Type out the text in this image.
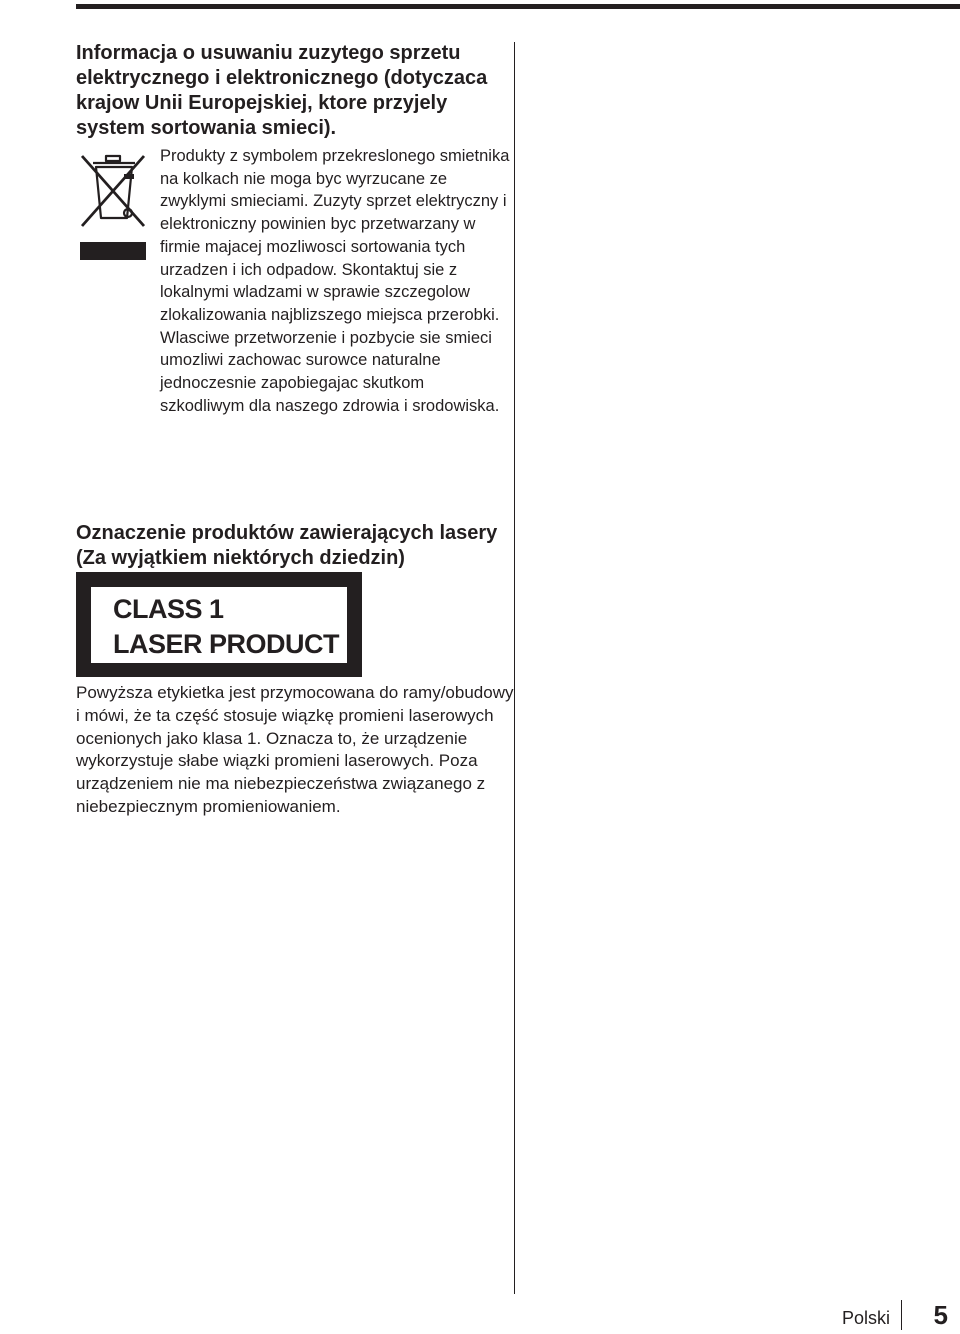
Informacja o usuwaniu zuzytego sprzetu elektrycznego i elektronicznego (dotyczaca krajow Unii Europejskiej, ktore przyjely system sortowania smieci).

Produkty z symbolem przekreslonego smietnika na kolkach nie moga byc wyrzucane ze zwyklymi smieciami. Zuzyty sprzet elektryczny i elektroniczny powinien byc przetwarzany w firmie majacej mozliwosci sortowania tych urzadzen i ich odpadow. Skontaktuj sie z lokalnymi wladzami w sprawie szczegolow zlokalizowania najblizszego miejsca przerobki. Wlasciwe przetworzenie i pozbycie sie smieci umozliwi zachowac surowce naturalne jednoczesnie zapobiegajac skutkom szkodliwym dla naszego zdrowia i srodowiska.

Oznaczenie produktów zawierających lasery (Za wyjątkiem niektórych dziedzin)
CLASS 1
LASER PRODUCT

Powyższa etykietka jest przymocowana do ramy/obudowy i mówi, że ta część stosuje wiązkę promieni laserowych ocenionych jako klasa 1. Oznacza to, że urządzenie wykorzystuje słabe wiązki promieni laserowych. Poza urządzeniem nie ma niebezpieczeństwa związanego z niebezpiecznym promieniowaniem.

Polski 5
